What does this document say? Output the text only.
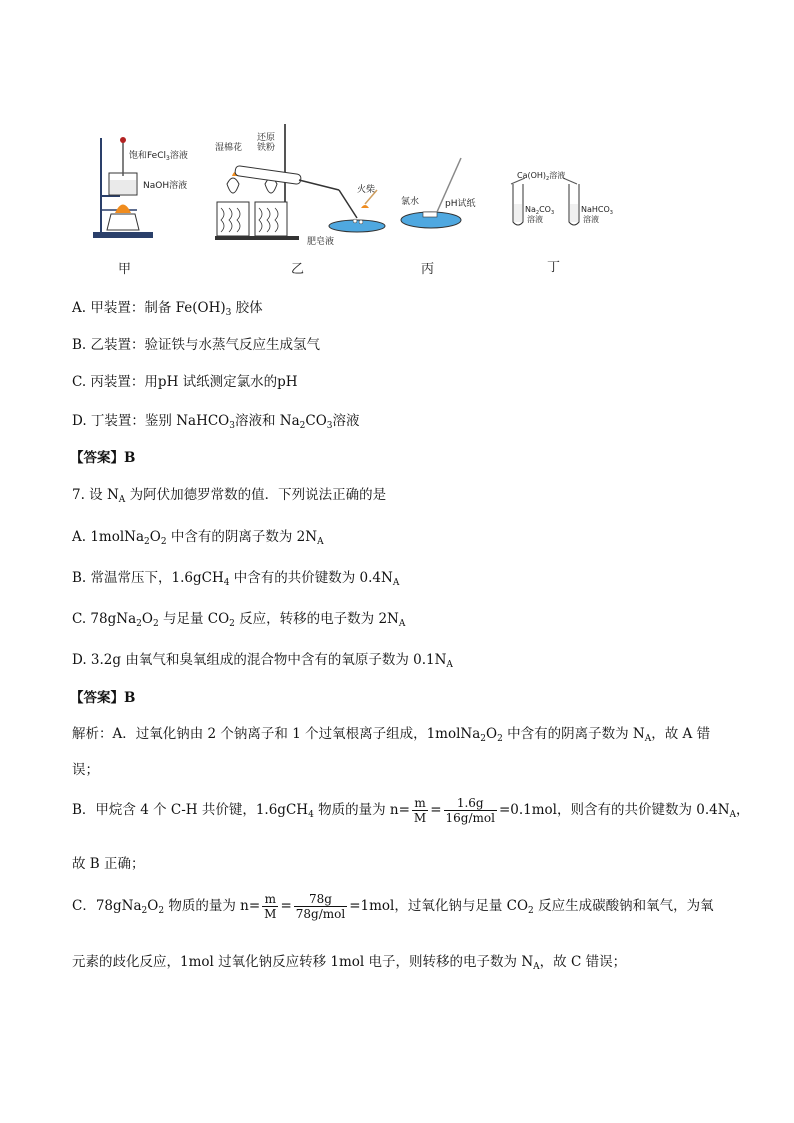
饱和FeCl$_3$溶液
NaOH溶液
湿棉花
还原
铁粉
火柴
肥皂液
氯水	pH试纸
$Ca(OH)_2$溶液
$Na_2CO_3$
溶液
NaHCO$_3$
溶液
甲	乙	丙	丁
A. 甲装置：制备 $Fe(OH)_3$ 胶体
B. 乙装置：验证铁与水蒸气反应生成氢气
C. 丙装置：用pH 试纸测定氯水的pH
D. 丁装置：鉴别 NaHCO$_3$溶液和 $Na_2CO_3$溶液
【答案】B
7. 设 $N_A$ 为阿伏加德罗常数的值．下列说法正确的是
A. $1molNa_2O_2$ 中含有的阴离子数为 $2N_A$
B. 常温常压下，1.6gCH$_4$ 中含有的共价键数为 $0.4N_A$
C. $78gNa_2O_2$ 与足量 $CO_2$ 反应，转移的电子数为 $2N_A$
D. 3.2g 由氧气和臭氧组成的混合物中含有的氧原子数为 $0.1N_A$
【答案】B
解析：A．过氧化钠由 2 个钠离子和 1 个过氧根离子组成，$1molNa_2O_2$ 中含有的阴离子数为 $N_A$，故 A 错
误；
B．甲烷含 4 个 C-H 共价键，1.6gCH$_4$ 物质的量为 $n= \frac{m}{M} = \frac{1.6g}{\text{16g/mol}} =0.1mol$，则含有的共价键数为 $0.4N_A$，
故 B 正确；
C．$78gNa_2O_2$ 物质的量为 $n= \frac{m}{M} = \frac{78g}{\text{78g/mol}} =1mol$，过氧化钠与足量 $CO_2$ 反应生成碳酸钠和氧气，为氧
元素的歧化反应，1mol 过氧化钠反应转移 1mol 电子，则转移的电子数为 $N_A$，故 C 错误；
